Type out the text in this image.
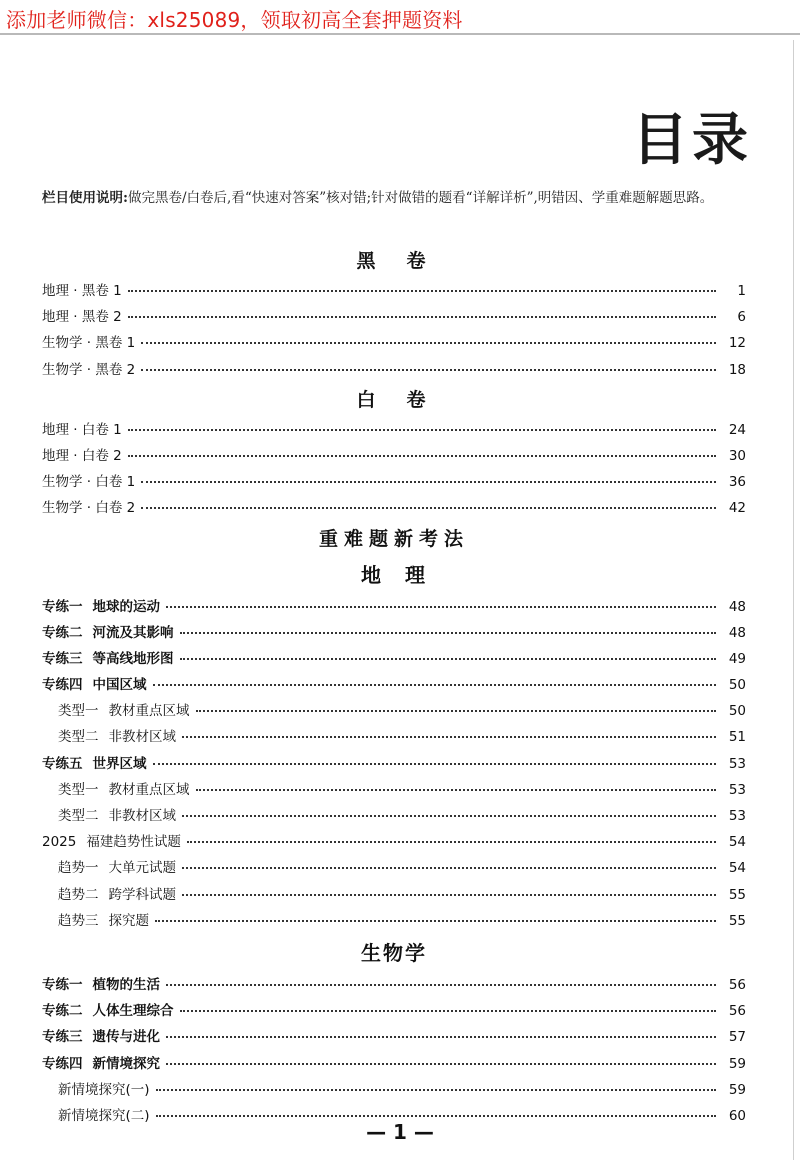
添加老师微信：xls25089，领取初高全套押题资料
目录
栏目使用说明:做完黑卷/白卷后,看“快速对答案”核对错;针对做错的题看“详解详析”,明错因、学重难题解题思路。
黑　卷
地理 · 黑卷 1	1
地理 · 黑卷 2	6
生物学 · 黑卷 1	12
生物学 · 黑卷 2	18
白　卷
地理 · 白卷 1	24
地理 · 白卷 2	30
生物学 · 白卷 1	36
生物学 · 白卷 2	42
重难题新考法
地　理
专练一 地球的运动	48
专练二 河流及其影响	48
专练三 等高线地形图	49
专练四 中国区域	50
类型一 教材重点区域	50
类型二 非教材区域	51
专练五 世界区域	53
类型一 教材重点区域	53
类型二 非教材区域	53
2025 福建趋势性试题	54
趋势一 大单元试题	54
趋势二 跨学科试题	55
趋势三 探究题	55
生物学
专练一 植物的生活	56
专练二 人体生理综合	56
专练三 遗传与进化	57
专练四 新情境探究	59
新情境探究(一)	59
新情境探究(二)	60
— 1 —
